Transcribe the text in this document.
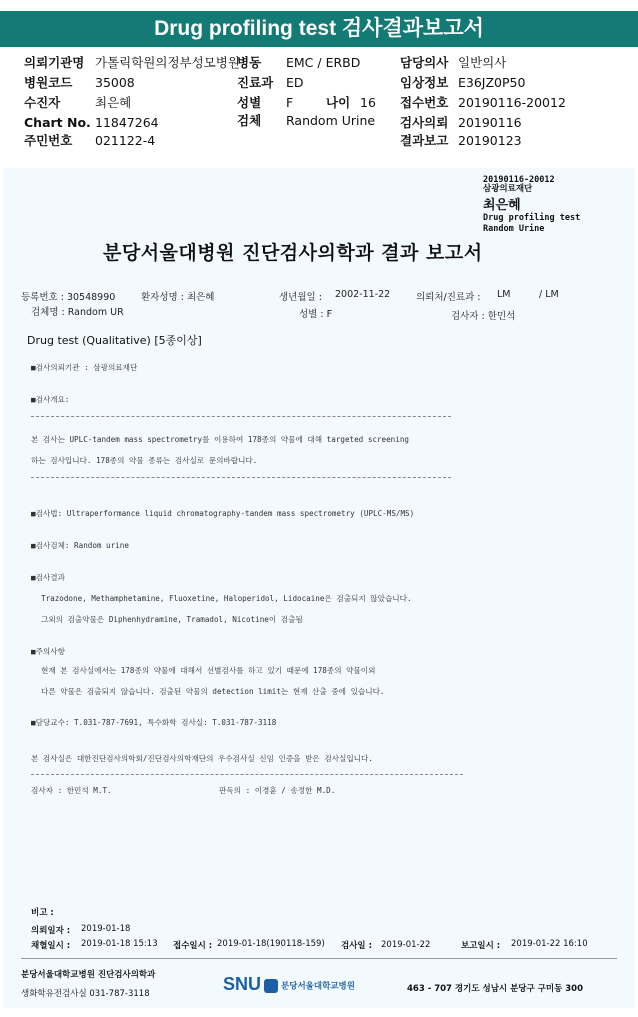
Drug profiling test 검사결과보고서
의뢰기관명 가톨릭학원의정부성모병원
병원코드 35008
수진자	최은혜
Chart No. 11847264
주민번호 021122-4
병동 EMC / ERBD
진료과 ED
성별 F	나이 16
검체 Random Urine
담당의사 일반의사
임상정보 E36JZ0P50
접수번호 20190116-20012
검사의뢰 20190116
결과보고 20190123
20190116-20012
삼광의료재단
최은혜
Drug profiling test
Random Urine
분당서울대병원 진단검사의학과 결과 보고서
등록번호 : 30548990	환자성명 : 최은혜	생년월일 : 2002-11-22	의뢰처/진료과 : LM	/ LM
검체명 : Random UR	성별 : F	검사자 : 한민석
Drug test (Qualitative) [5종이상]
■검사의뢰기관 : 삼광의료재단
■검사개요:
본 검사는 UPLC-tandem mass spectrometry를 이용하여 178종의 약물에 대해 targeted screening
하는 검사입니다. 178종의 약물 종류는 검사실로 문의바랍니다.
■검사법: Ultraperformance liquid chromatography-tandem mass spectrometry (UPLC-MS/MS)
■검사검체: Random urine
■검사결과
Trazodone, Methamphetamine, Fluoxetine, Haloperidol, Lidocaine은 검출되지 않았습니다.
그외의 검출약물은 Diphenhydramine, Tramadol, Nicotine이 검출됨
■주의사항
현재 본 검사실에서는 178종의 약물에 대해서 선별검사를 하고 있기 때문에 178종의 약물이외
다른 약물은 검출되지 않습니다. 검출된 약물의 detection limit는 현재 산출 중에 있습니다.
■담당교수: T.031-787-7691, 특수화학 검사실: T.031-787-3118
본 검사실은 대한진단검사의학회/진단검사의학재단의 우수검사실 신임 인증을 받은 검사실입니다.
검사자 : 한민석 M.T.	판독의 : 이경훈 / 송정한 M.D.
비고 :
의뢰일자 : 2019-01-18
채혈일시 : 2019-01-18 15:13 접수일시 : 2019-01-18(190118-159) 검사일 : 2019-01-22	보고일시 : 2019-01-22 16:10
분당서울대학교병원 진단검사의학과
생화학유전검사실 031-787-3118	SNU 분당서울대학교병원	463 - 707 경기도 성남시 분당구 구미동 300
